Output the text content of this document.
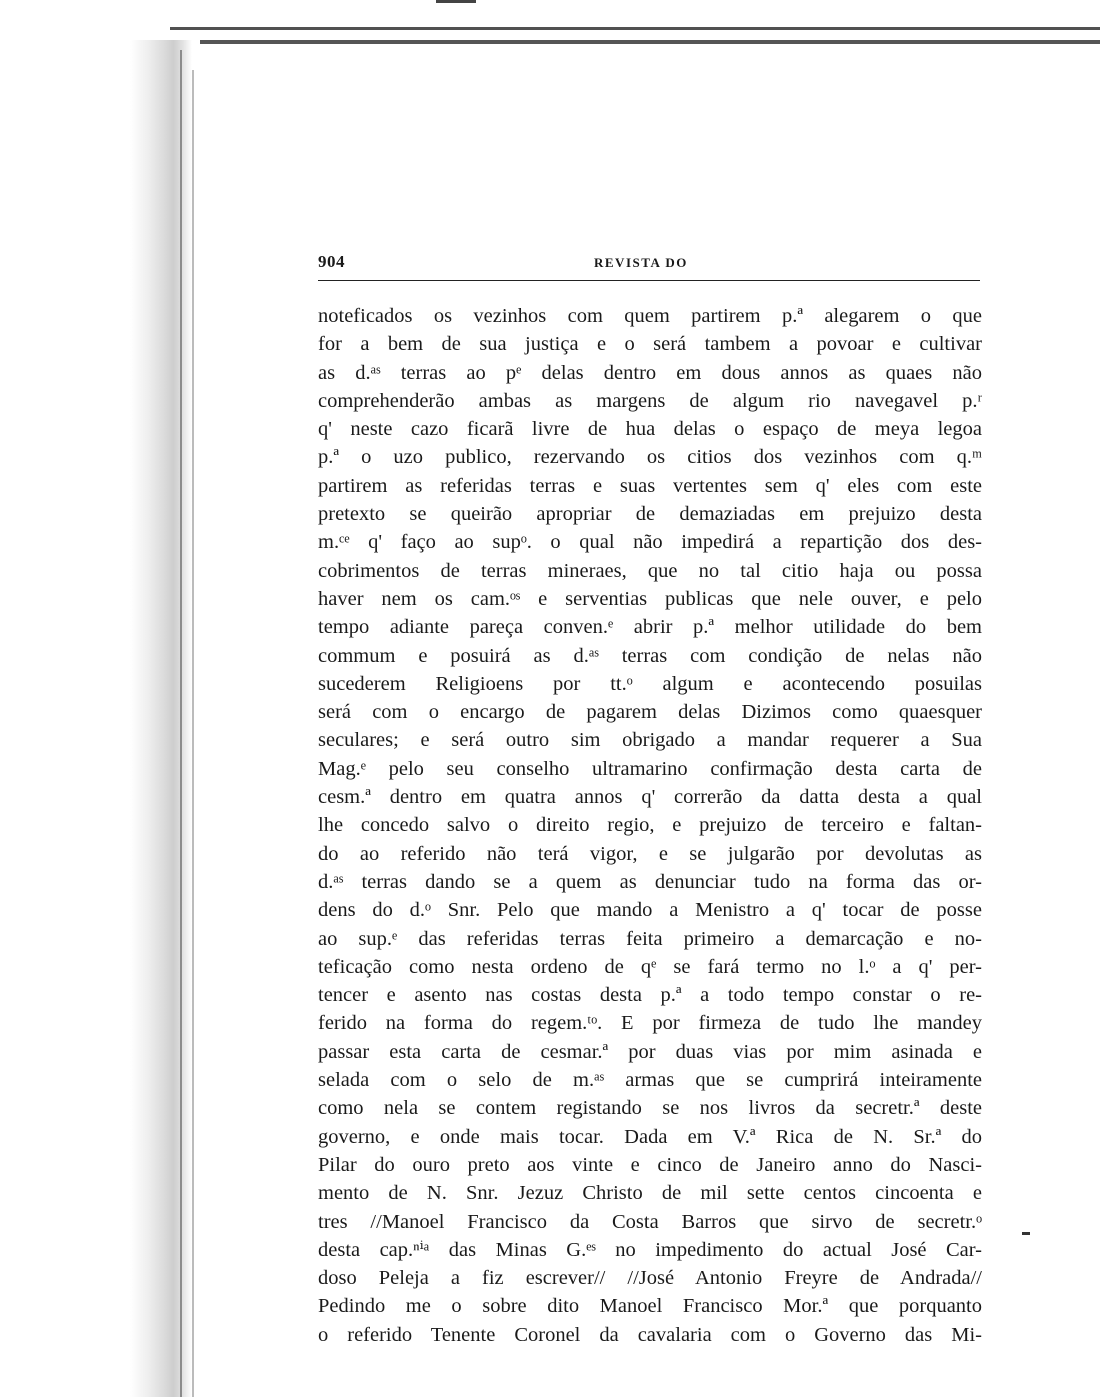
904	REVISTA DO
noteficados os vezinhos com quem partirem p.ª alegarem o que
for a bem de sua justiça e o será tambem a povoar e cultivar
as d.ᵃˢ terras ao pᵉ delas dentro em dous annos as quaes não
comprehenderão ambas as margens de algum rio navegavel p.ʳ
q' neste cazo ficarã livre de hua delas o espaço de meya legoa
p.ª o uzo publico, rezervando os citios dos vezinhos com q.ᵐ
partirem as referidas terras e suas vertentes sem q' eles com este
pretexto se queirão apropriar de demaziadas em prejuizo desta
m.ᶜᵉ q' faço ao supᵒ. o qual não impedirá a repartição dos des-
cobrimentos de terras mineraes, que no tal citio haja ou possa
haver nem os cam.ᵒˢ e serventias publicas que nele ouver, e pelo
tempo adiante pareça conven.ᵉ abrir p.ª melhor utilidade do bem
commum e posuirá as d.ᵃˢ terras com condição de nelas não
sucederem Religioens por tt.ᵒ algum e acontecendo posuilas
será com o encargo de pagarem delas Dizimos como quaesquer
seculares; e será outro sim obrigado a mandar requerer a Sua
Mag.ᵉ pelo seu conselho ultramarino confirmação desta carta de
cesm.ª dentro em quatra annos q' correrão da datta desta a qual
lhe concedo salvo o direito regio, e prejuizo de terceiro e faltan-
do ao referido não terá vigor, e se julgarão por devolutas as
d.ᵃˢ terras dando se a quem as denunciar tudo na forma das or-
dens do d.ᵒ Snr. Pelo que mando a Menistro a q' tocar de posse
ao sup.ᵉ das referidas terras feita primeiro a demarcação e no-
teficação como nesta ordeno de qᵉ se fará termo no l.ᵒ a q' per-
tencer e asento nas costas desta p.ª a todo tempo constar o re-
ferido na forma do regem.ᵗᵒ. E por firmeza de tudo lhe mandey
passar esta carta de cesmar.ª por duas vias por mim asinada e
selada com o selo de m.ᵃˢ armas que se cumprirá inteiramente
como nela se contem registando se nos livros da secretr.ª deste
governo, e onde mais tocar. Dada em V.ª Rica de N. Sr.ª do
Pilar do ouro preto aos vinte e cinco de Janeiro anno do Nasci-
mento de N. Snr. Jezuz Christo de mil sette centos cincoenta e
tres //Manoel Francisco da Costa Barros que sirvo de secretr.ᵒ
desta cap.ⁿⁱᵃ das Minas G.ᵉˢ no impedimento do actual José Car-
doso Peleja a fiz escrever// //José Antonio Freyre de Andrada//
Pedindo me o sobre dito Manoel Francisco Mor.ª que porquanto
o referido Tenente Coronel da cavalaria com o Governo das Mi-
